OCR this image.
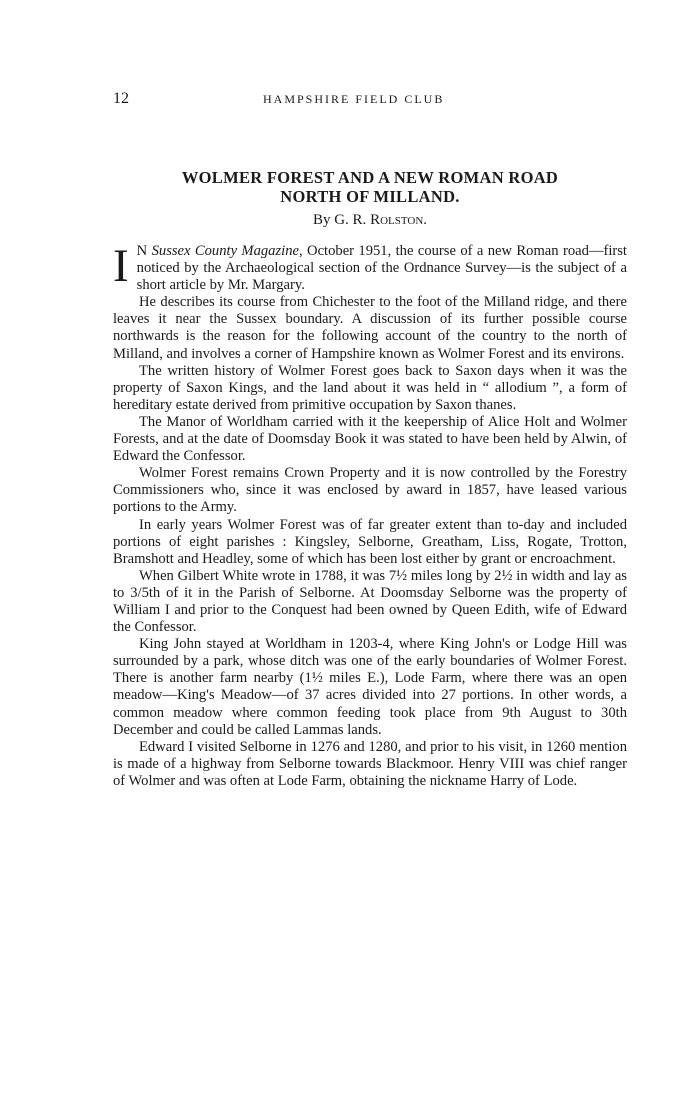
12	HAMPSHIRE FIELD CLUB
WOLMER FOREST AND A NEW ROMAN ROAD
NORTH OF MILLAND.
By G. R. Rolston.

I N Sussex County Magazine, October 1951, the course of a new Roman road—first noticed by the Archaeological section of the Ordnance Survey—is the subject of a short article by Mr. Margary.

He describes its course from Chichester to the foot of the Milland ridge, and there leaves it near the Sussex boundary. A discussion of its further possible course northwards is the reason for the following account of the country to the north of Milland, and involves a corner of Hampshire known as Wolmer Forest and its environs.

The written history of Wolmer Forest goes back to Saxon days when it was the property of Saxon Kings, and the land about it was held in “ allodium ”, a form of hereditary estate derived from primitive occupation by Saxon thanes.

The Manor of Worldham carried with it the keepership of Alice Holt and Wolmer Forests, and at the date of Doomsday Book it was stated to have been held by Alwin, of Edward the Confessor.

Wolmer Forest remains Crown Property and it is now controlled by the Forestry Commissioners who, since it was enclosed by award in 1857, have leased various portions to the Army.

In early years Wolmer Forest was of far greater extent than to-day and included portions of eight parishes : Kingsley, Selborne, Greatham, Liss, Rogate, Trotton, Bramshott and Headley, some of which has been lost either by grant or encroachment.

When Gilbert White wrote in 1788, it was 7½ miles long by 2½ in width and lay as to 3/5th of it in the Parish of Selborne. At Doomsday Selborne was the property of William I and prior to the Conquest had been owned by Queen Edith, wife of Edward the Confessor.

King John stayed at Worldham in 1203-4, where King John's or Lodge Hill was surrounded by a park, whose ditch was one of the early boundaries of Wolmer Forest. There is another farm nearby (1½ miles E.), Lode Farm, where there was an open meadow—King's Meadow—of 37 acres divided into 27 portions. In other words, a common meadow where common feeding took place from 9th August to 30th December and could be called Lammas lands.

Edward I visited Selborne in 1276 and 1280, and prior to his visit, in 1260 mention is made of a highway from Selborne towards Blackmoor. Henry VIII was chief ranger of Wolmer and was often at Lode Farm, obtaining the nickname Harry of Lode.
